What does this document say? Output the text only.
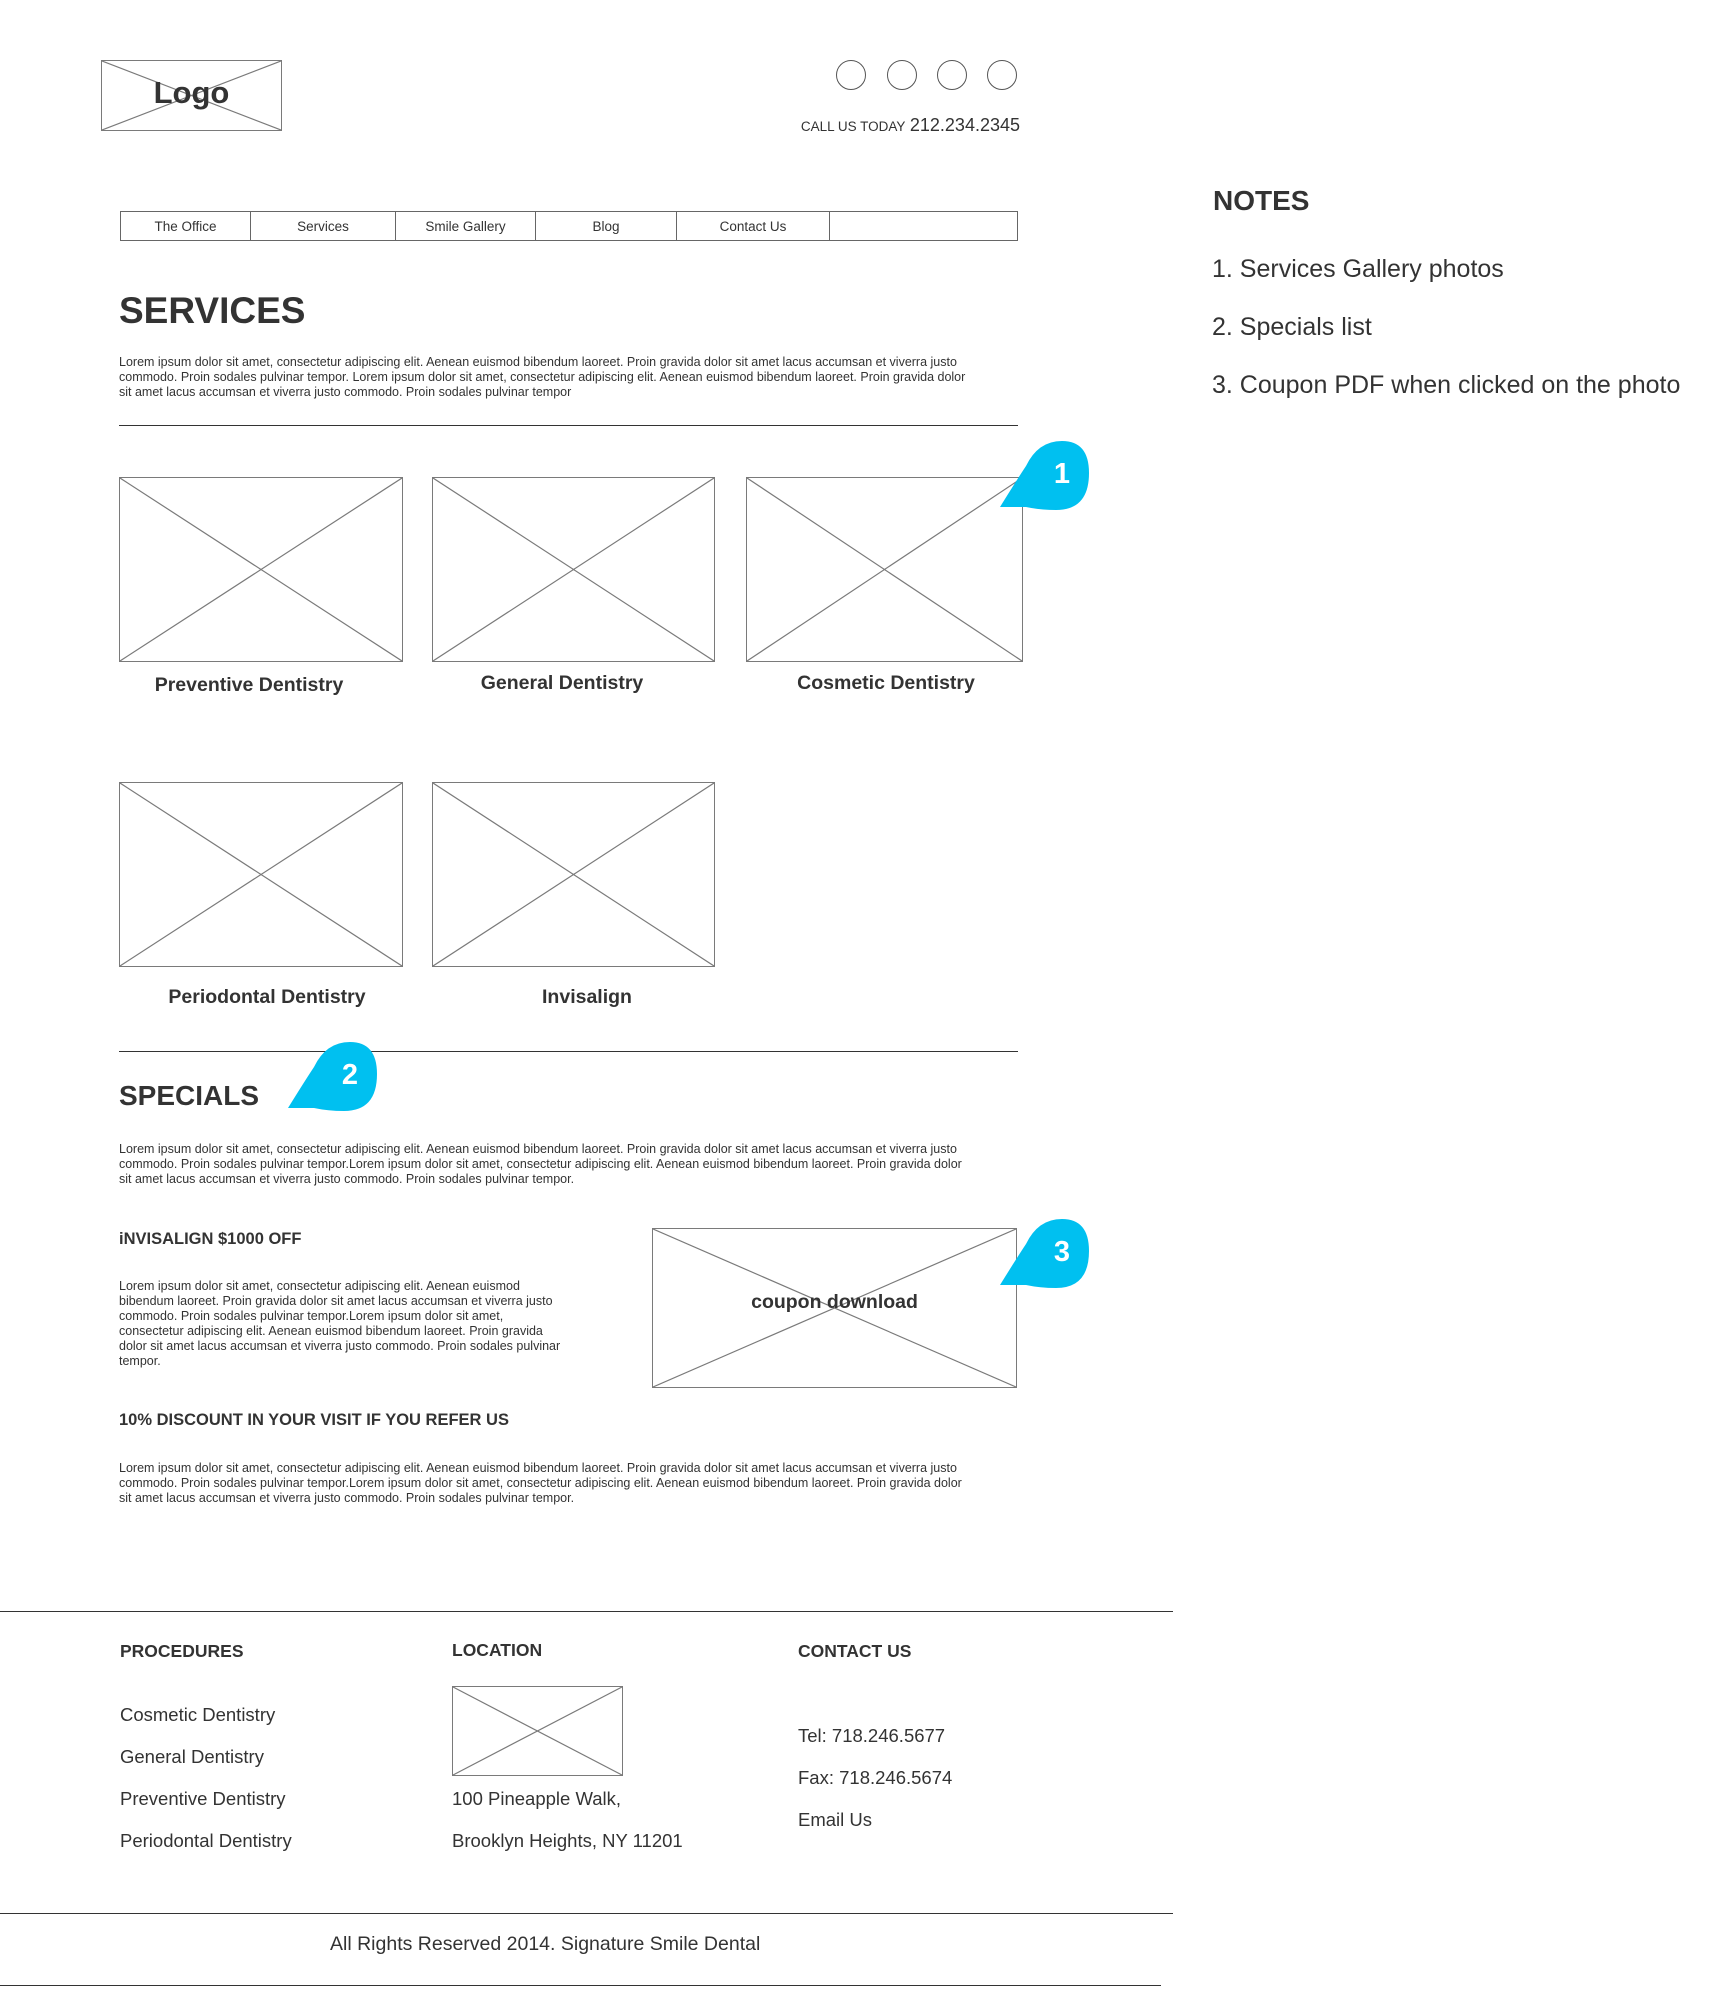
Logo
CALL US TODAY 212.234.2345
The Office	Services	Smile Gallery	Blog	Contact Us
SERVICES
Lorem ipsum dolor sit amet, consectetur adipiscing elit. Aenean euismod bibendum laoreet. Proin gravida dolor sit amet lacus accumsan et viverra justo
commodo. Proin sodales pulvinar tempor. Lorem ipsum dolor sit amet, consectetur adipiscing elit. Aenean euismod bibendum laoreet. Proin gravida dolor
sit amet lacus accumsan et viverra justo commodo. Proin sodales pulvinar tempor
Preventive Dentistry	General Dentistry	Cosmetic Dentistry
Periodontal Dentistry	Invisalign
SPECIALS
Lorem ipsum dolor sit amet, consectetur adipiscing elit. Aenean euismod bibendum laoreet. Proin gravida dolor sit amet lacus accumsan et viverra justo
commodo. Proin sodales pulvinar tempor.Lorem ipsum dolor sit amet, consectetur adipiscing elit. Aenean euismod bibendum laoreet. Proin gravida dolor
sit amet lacus accumsan et viverra justo commodo. Proin sodales pulvinar tempor.
iNVISALIGN $1000 OFF
Lorem ipsum dolor sit amet, consectetur adipiscing elit. Aenean euismod
bibendum laoreet. Proin gravida dolor sit amet lacus accumsan et viverra justo
commodo. Proin sodales pulvinar tempor.Lorem ipsum dolor sit amet,
consectetur adipiscing elit. Aenean euismod bibendum laoreet. Proin gravida
dolor sit amet lacus accumsan et viverra justo commodo. Proin sodales pulvinar
tempor.
coupon download
10% DISCOUNT IN YOUR VISIT IF YOU REFER US
Lorem ipsum dolor sit amet, consectetur adipiscing elit. Aenean euismod bibendum laoreet. Proin gravida dolor sit amet lacus accumsan et viverra justo
commodo. Proin sodales pulvinar tempor.Lorem ipsum dolor sit amet, consectetur adipiscing elit. Aenean euismod bibendum laoreet. Proin gravida dolor
sit amet lacus accumsan et viverra justo commodo. Proin sodales pulvinar tempor.
1
2
3
PROCEDURES
Cosmetic Dentistry
General Dentistry
Preventive Dentistry
Periodontal Dentistry
LOCATION
100 Pineapple Walk,
Brooklyn Heights, NY 11201
CONTACT US
Tel: 718.246.5677
Fax: 718.246.5674
Email Us
All Rights Reserved 2014. Signature Smile Dental
NOTES
1. Services Gallery photos
2. Specials list
3. Coupon PDF when clicked on the photo
